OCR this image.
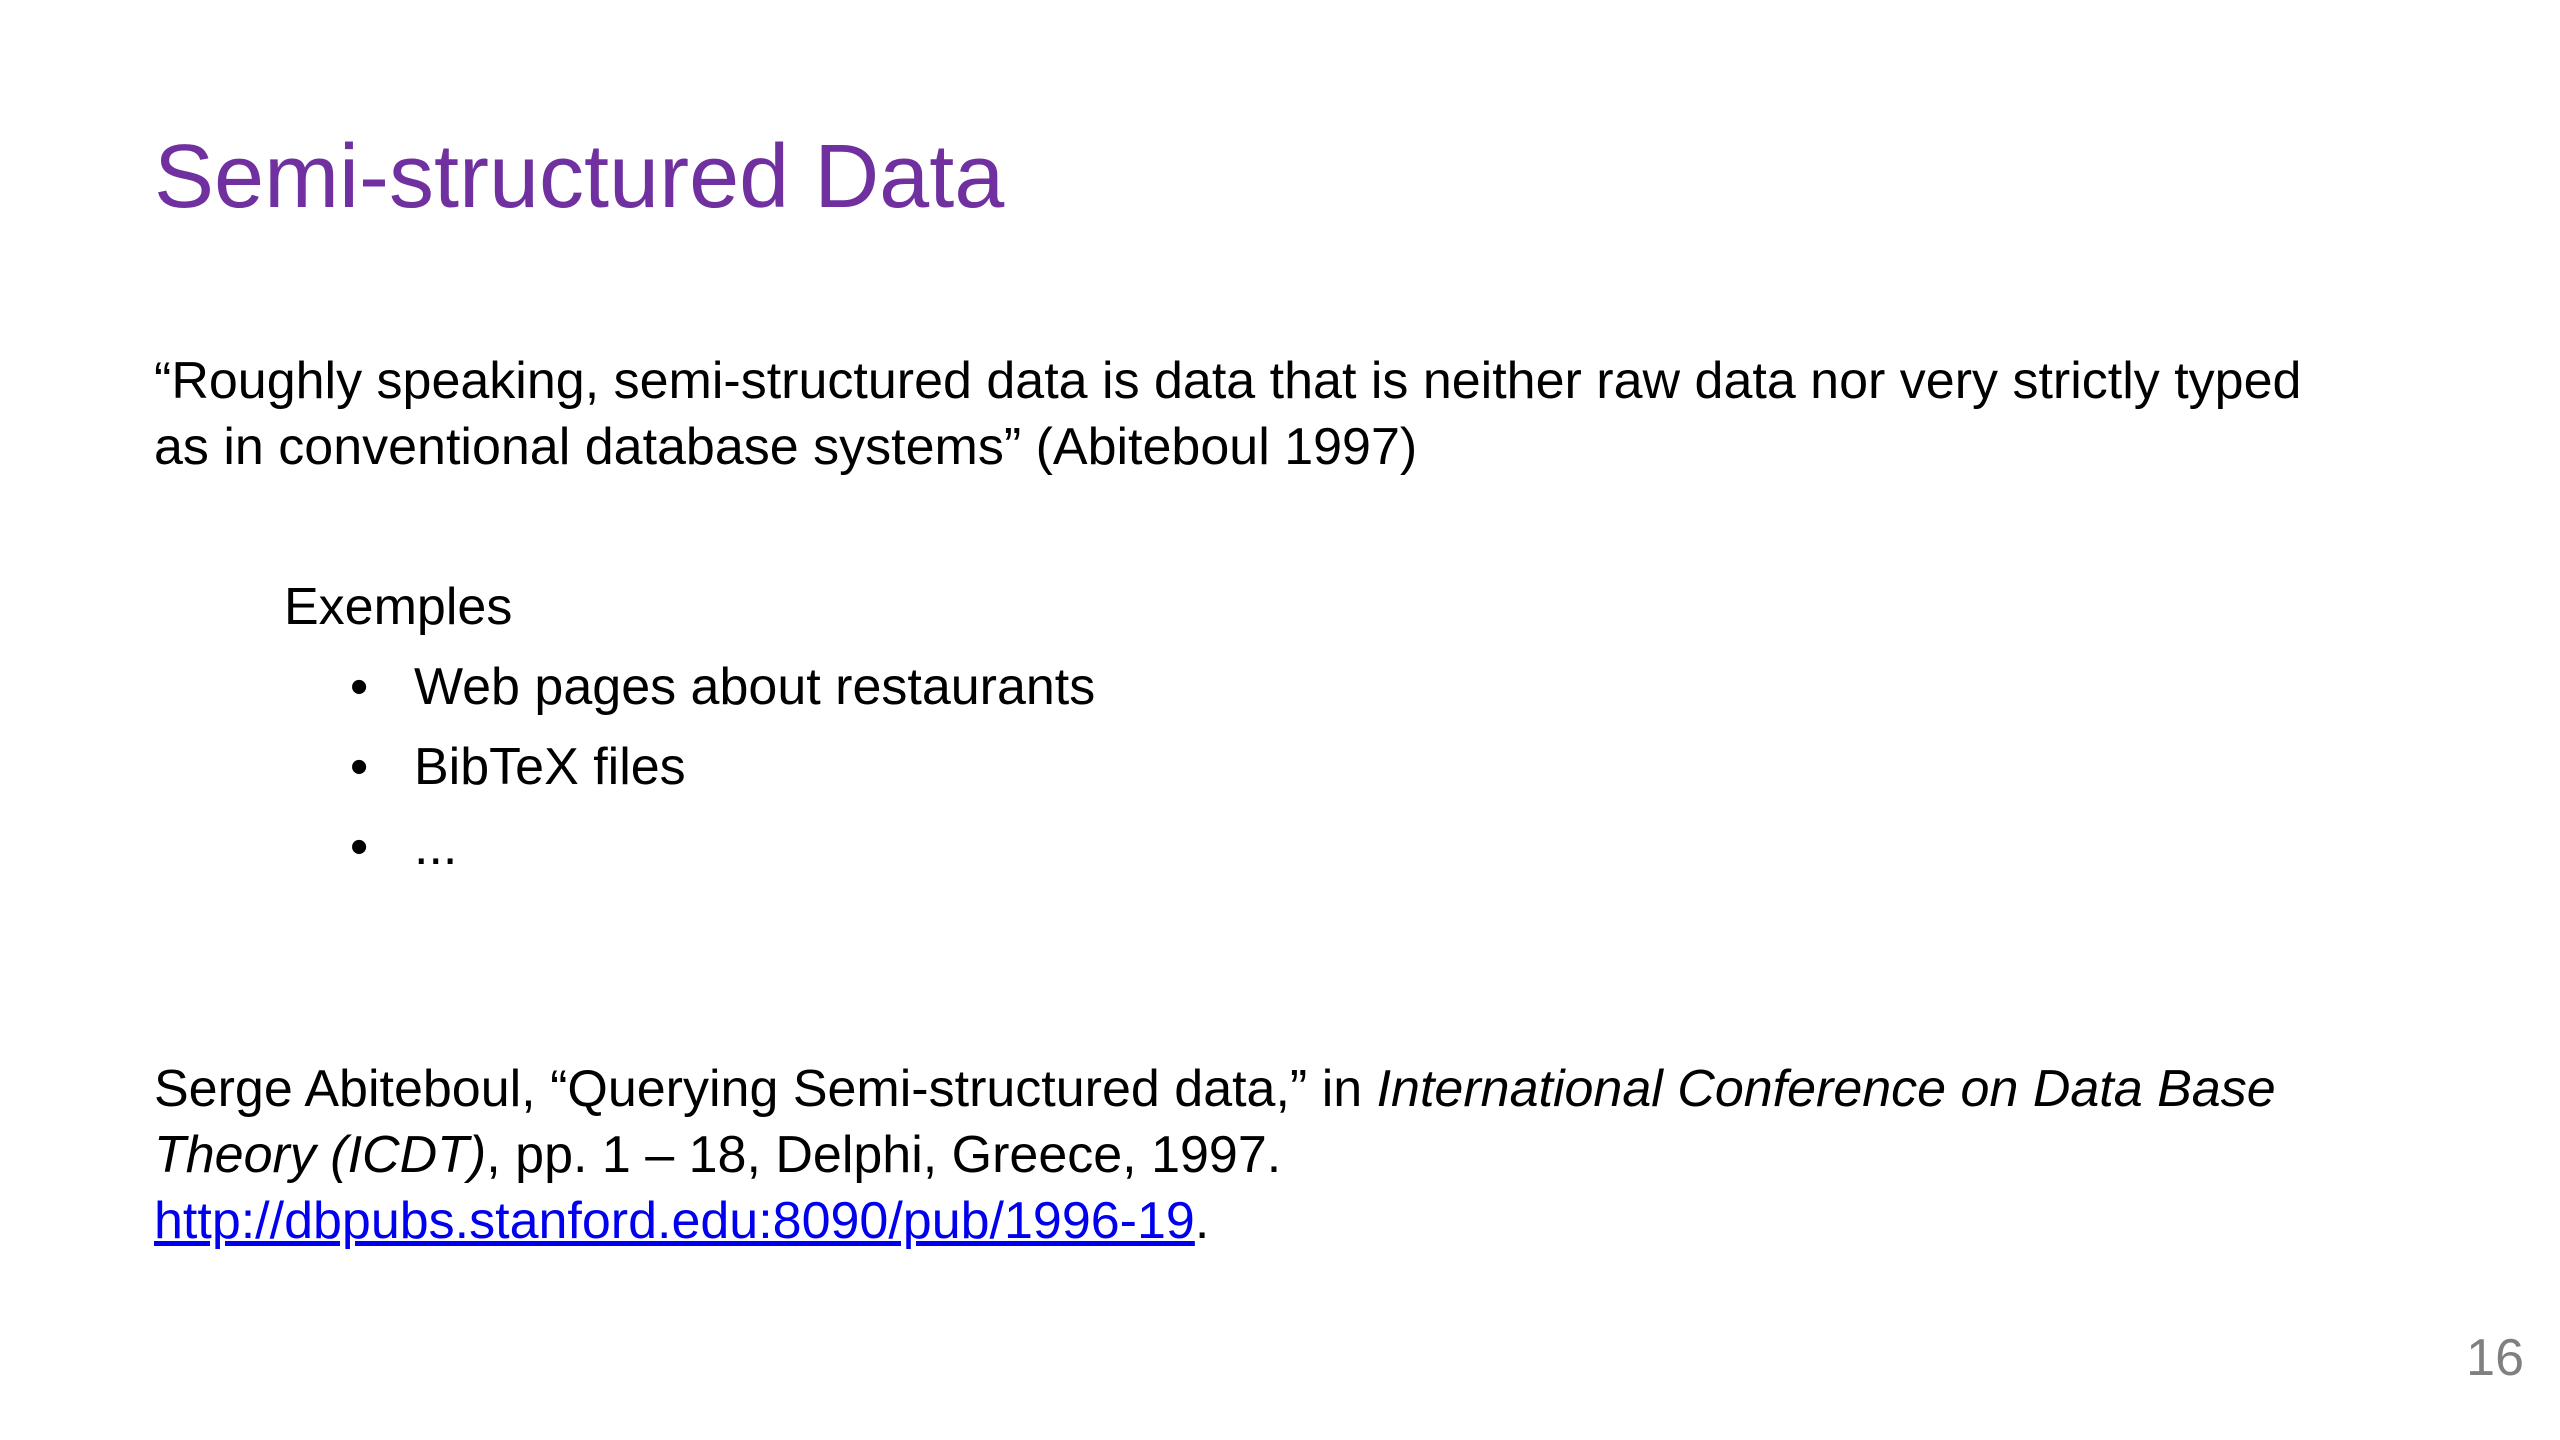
Semi-structured Data

“Roughly speaking, semi-structured data is data that is neither raw data nor very strictly typed as in conventional database systems” (Abiteboul 1997)

Exemples

• Web pages about restaurants
• BibTeX files
• ...

Serge Abiteboul, “Querying Semi-structured data,” in International Conference on Data Base Theory (ICDT), pp. 1 – 18, Delphi, Greece, 1997.
http://dbpubs.stanford.edu:8090/pub/1996-19.

16
